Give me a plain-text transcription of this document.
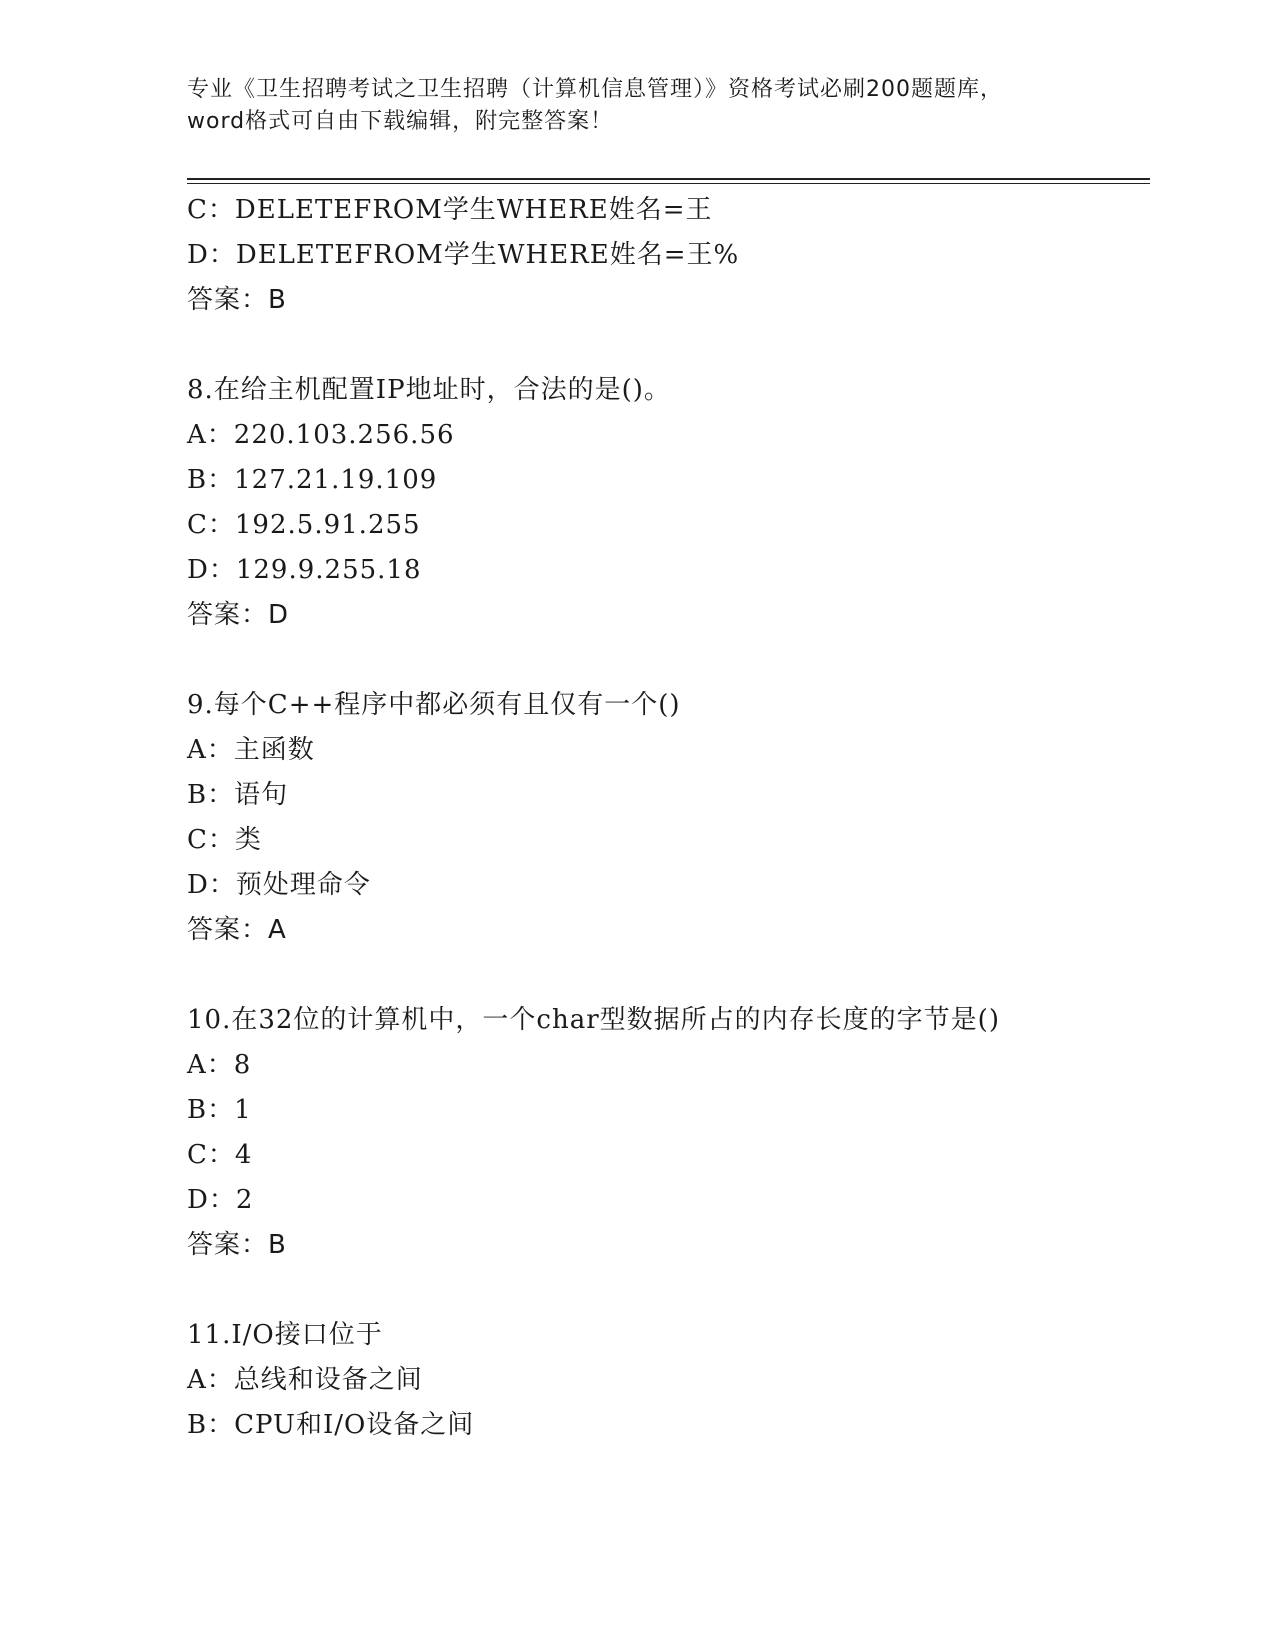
专业《卫生招聘考试之卫生招聘（计算机信息管理）》资格考试必刷200题题库，
word格式可自由下载编辑，附完整答案！
C：DELETEFROM学生WHERE姓名=王
D：DELETEFROM学生WHERE姓名=王%
答案：B
8.在给主机配置IP地址时，合法的是()。
A：220.103.256.56
B：127.21.19.109
C：192.5.91.255
D：129.9.255.18
答案：D
9.每个C++程序中都必须有且仅有一个()
A：主函数
B：语句
C：类
D：预处理命令
答案：A
10.在32位的计算机中，一个char型数据所占的内存长度的字节是()
A：8
B：1
C：4
D：2
答案：B
11.I/O接口位于
A：总线和设备之间
B：CPU和I/O设备之间
